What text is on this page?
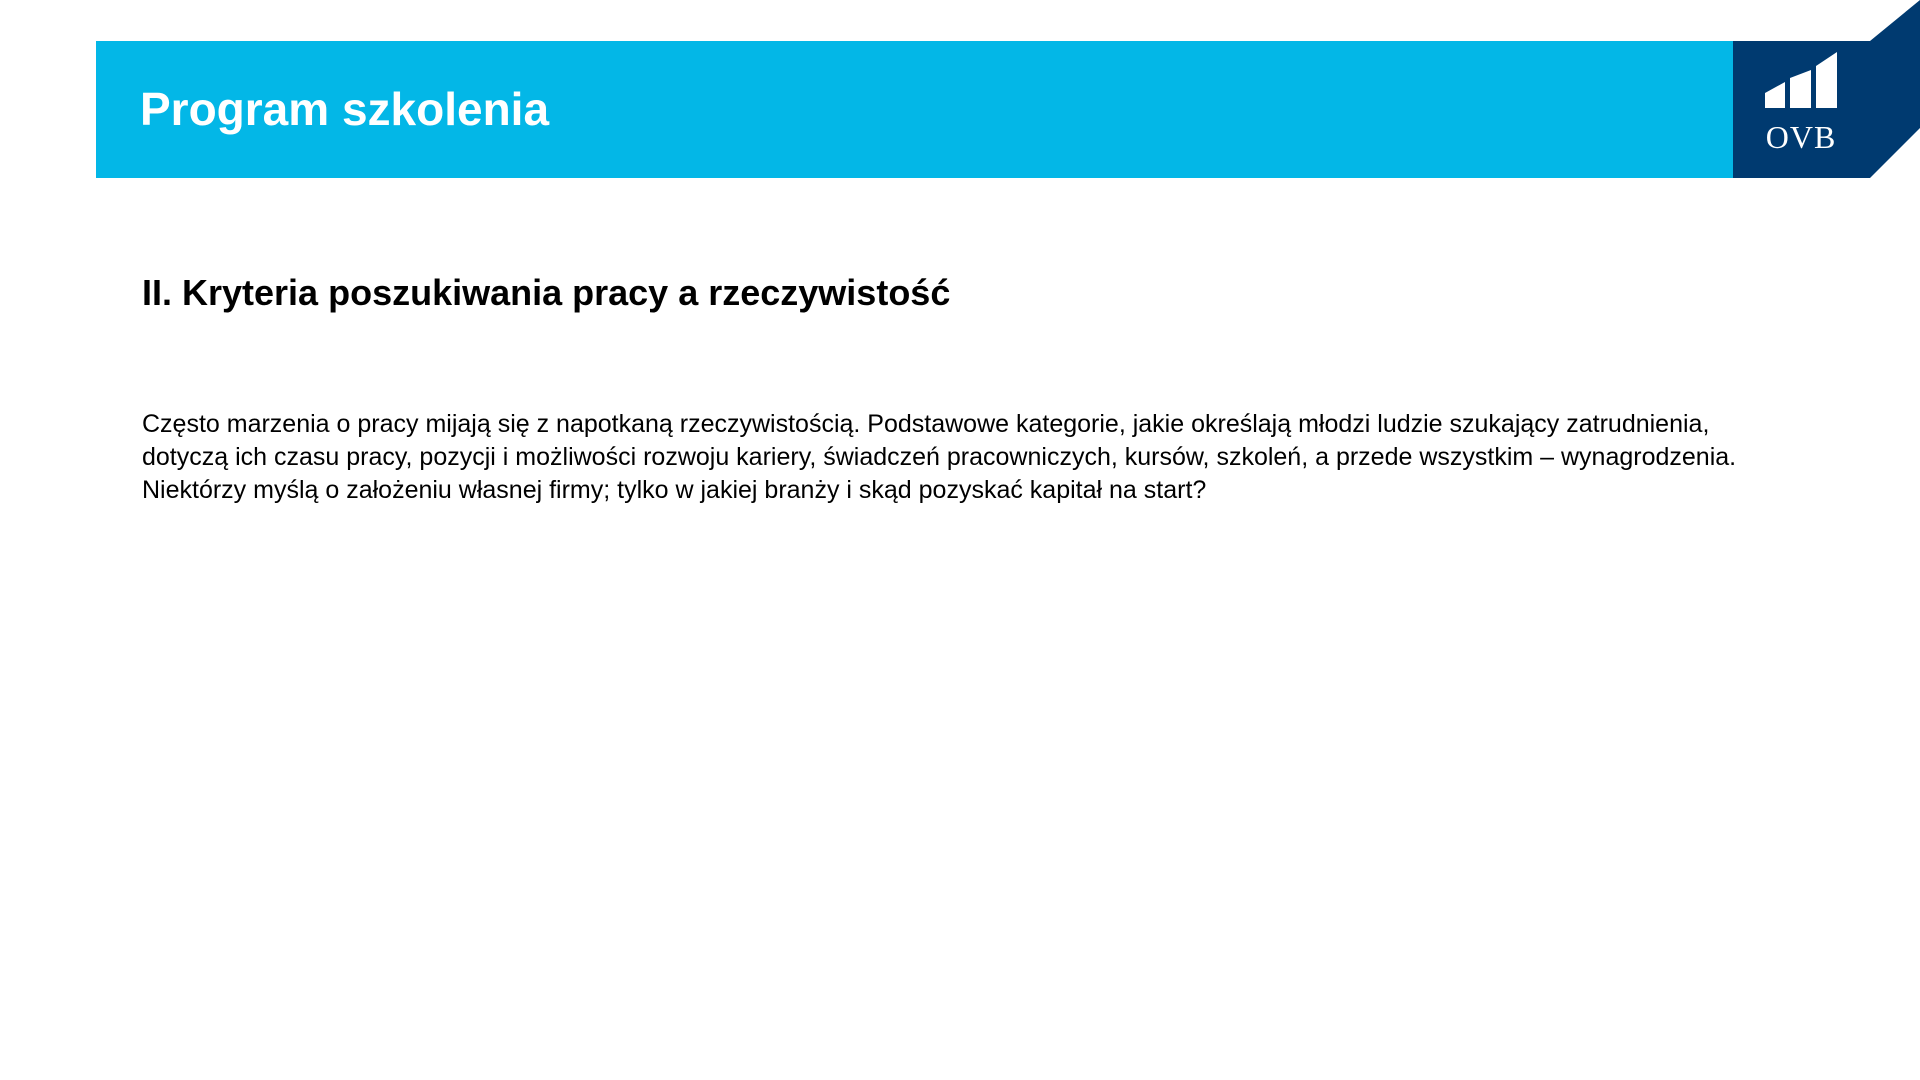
Program szkolenia
OVB
II. Kryteria poszukiwania pracy a rzeczywistość

Często marzenia o pracy mijają się z napotkaną rzeczywistością. Podstawowe kategorie, jakie określają młodzi ludzie szukający zatrudnienia, dotyczą ich czasu pracy, pozycji i możliwości rozwoju kariery, świadczeń pracowniczych, kursów, szkoleń, a przede wszystkim – wynagrodzenia. Niektórzy myślą o założeniu własnej firmy; tylko w jakiej branży i skąd pozyskać kapitał na start?
